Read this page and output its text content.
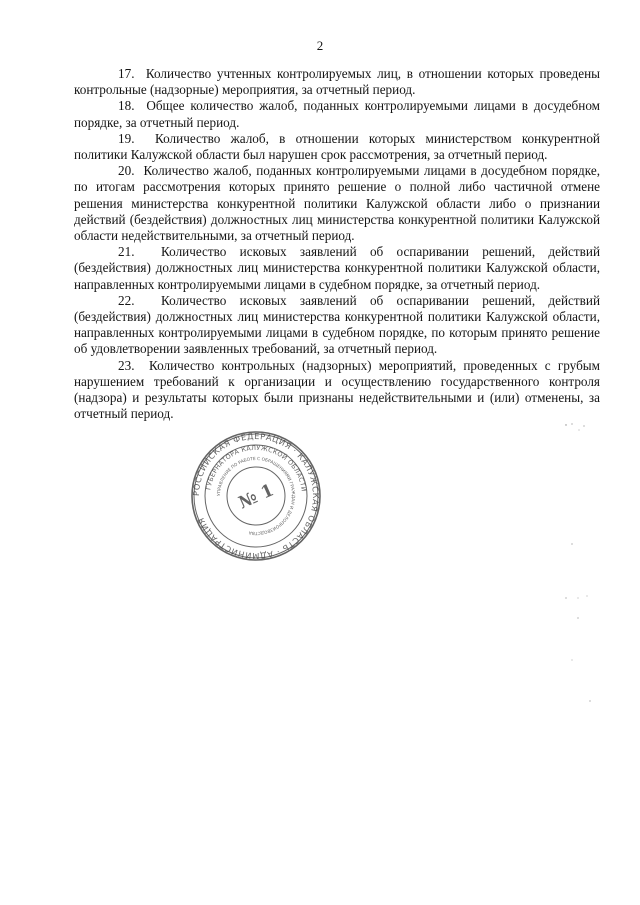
2

17. Количество учтенных контролируемых лиц, в отношении которых проведены контрольные (надзорные) мероприятия, за отчетный период.

18. Общее количество жалоб, поданных контролируемыми лицами в досудебном порядке, за отчетный период.

19. Количество жалоб, в отношении которых министерством конкурентной политики Калужской области был нарушен срок рассмотрения, за отчетный период.

20. Количество жалоб, поданных контролируемыми лицами в досудебном порядке, по итогам рассмотрения которых принято решение о полной либо частичной отмене решения министерства конкурентной политики Калужской области либо о признании действий (бездействия) должностных лиц министерства конкурентной политики Калужской области недействительными, за отчетный период.

21. Количество исковых заявлений об оспаривании решений, действий (бездействия) должностных лиц министерства конкурентной политики Калужской области, направленных контролируемыми лицами в судебном порядке, за отчетный период.

22. Количество исковых заявлений об оспаривании решений, действий (бездействия) должностных лиц министерства конкурентной политики Калужской области, направленных контролируемыми лицами в судебном порядке, по которым принято решение об удовлетворении заявленных требований, за отчетный период.

23. Количество контрольных (надзорных) мероприятий, проведенных с грубым нарушением требований к организации и осуществлению государственного контроля (надзора) и результаты которых были признаны недействительными и (или) отменены, за отчетный период.

РОССИЙСКАЯ ФЕДЕРАЦИЯ · КАЛУЖСКАЯ ОБЛАСТЬ · АДМИНИСТРАЦИЯ
ГУБЕРНАТОРА КАЛУЖСКОЙ ОБЛАСТИ
УПРАВЛЕНИЕ ПО РАБОТЕ С ОБРАЩЕНИЯМИ ГРАЖДАН И ДЕЛОПРОИЗВОДСТВА
№ 1
